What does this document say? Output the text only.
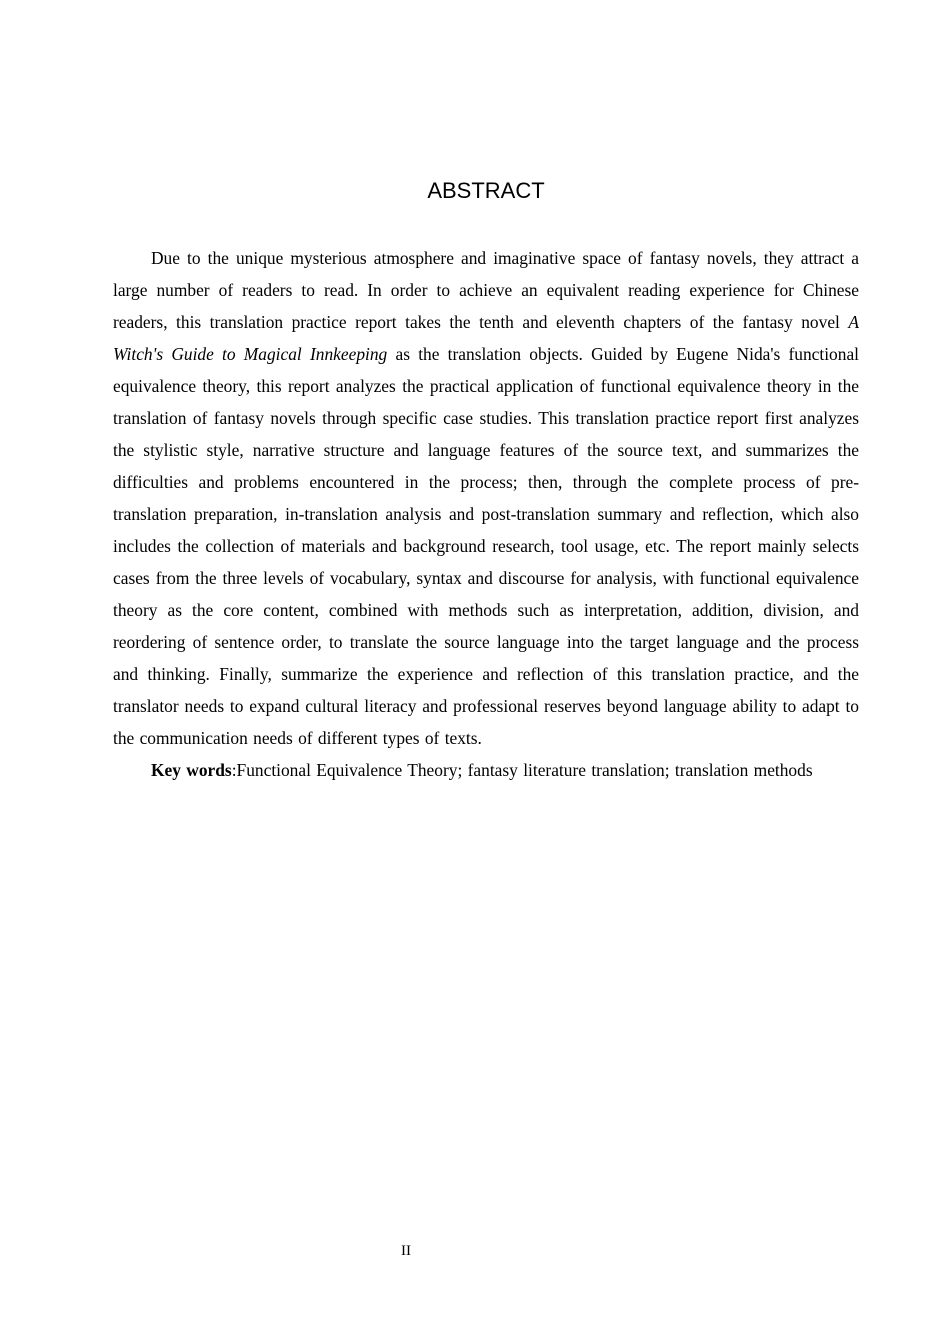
ABSTRACT

Due to the unique mysterious atmosphere and imaginative space of fantasy novels, they attract a large number of readers to read. In order to achieve an equivalent reading experience for Chinese readers, this translation practice report takes the tenth and eleventh chapters of the fantasy novel A Witch's Guide to Magical Innkeeping as the translation objects. Guided by Eugene Nida's functional equivalence theory, this report analyzes the practical application of functional equivalence theory in the translation of fantasy novels through specific case studies. This translation practice report first analyzes the stylistic style, narrative structure and language features of the source text, and summarizes the difficulties and problems encountered in the process; then, through the complete process of pre-translation preparation, in-translation analysis and post-translation summary and reflection, which also includes the collection of materials and background research, tool usage, etc. The report mainly selects cases from the three levels of vocabulary, syntax and discourse for analysis, with functional equivalence theory as the core content, combined with methods such as interpretation, addition, division, and reordering of sentence order, to translate the source language into the target language and the process and thinking. Finally, summarize the experience and reflection of this translation practice, and the translator needs to expand cultural literacy and professional reserves beyond language ability to adapt to the communication needs of different types of texts.

Key words:Functional Equivalence Theory; fantasy literature translation; translation methods

II
